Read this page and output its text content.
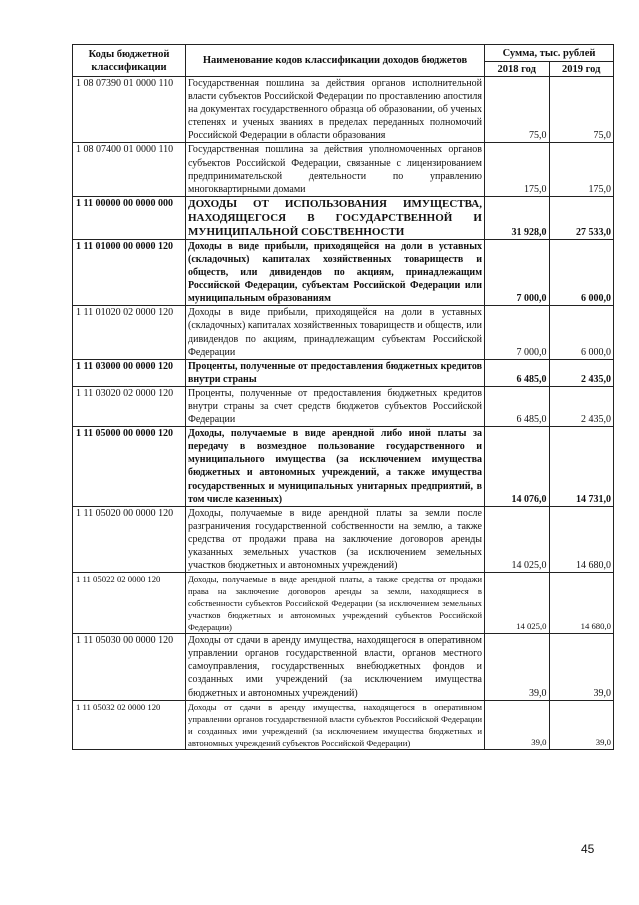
Коды бюджетной классификации	Наименование кодов классификации доходов бюджетов	Сумма, тыс. рублей	
		2018 год	2019 год
1 08 07390 01 0000 110	Государственная пошлина за действия органов исполнительной власти субъектов Российской Федерации по проставлению апостиля на документах государственного образца об образовании, об ученых степенях и ученых званиях в пределах переданных полномочий Российской Федерации в области образования	75,0	75,0
1 08 07400 01 0000 110	Государственная пошлина за действия уполномоченных органов субъектов Российской Федерации, связанные с лицензированием предпринимательской деятельности по управлению многоквартирными домами	175,0	175,0
1 11 00000 00 0000 000	ДОХОДЫ ОТ ИСПОЛЬЗОВАНИЯ ИМУЩЕСТВА, НАХОДЯЩЕГОСЯ В ГОСУДАРСТВЕННОЙ И МУНИЦИПАЛЬНОЙ СОБСТВЕННОСТИ	31 928,0	27 533,0
1 11 01000 00 0000 120	Доходы в виде прибыли, приходящейся на доли в уставных (складочных) капиталах хозяйственных товариществ и обществ, или дивидендов по акциям, принадлежащим Российской Федерации, субъектам Российской Федерации или муниципальным образованиям	7 000,0	6 000,0
1 11 01020 02 0000 120	Доходы в виде прибыли, приходящейся на доли в уставных (складочных) капиталах хозяйственных товариществ и обществ, или дивидендов по акциям, принадлежащим субъектам Российской Федерации	7 000,0	6 000,0
1 11 03000 00 0000 120	Проценты, полученные от предоставления бюджетных кредитов внутри страны	6 485,0	2 435,0
1 11 03020 02 0000 120	Проценты, полученные от предоставления бюджетных кредитов внутри страны за счет средств бюджетов субъектов Российской Федерации	6 485,0	2 435,0
1 11 05000 00 0000 120	Доходы, получаемые в виде арендной либо иной платы за передачу в возмездное пользование государственного и муниципального имущества (за исключением имущества бюджетных и автономных учреждений, а также имущества государственных и муниципальных унитарных предприятий, в том числе казенных)	14 076,0	14 731,0
1 11 05020 00 0000 120	Доходы, получаемые в виде арендной платы за земли после разграничения государственной собственности на землю, а также средства от продажи права на заключение договоров аренды указанных земельных участков (за исключением земельных участков бюджетных и автономных учреждений)	14 025,0	14 680,0
1 11 05022 02 0000 120	Доходы, получаемые в виде арендной платы, а также средства от продажи права на заключение договоров аренды за земли, находящиеся в собственности субъектов Российской Федерации (за исключением земельных участков бюджетных и автономных учреждений субъектов Российской Федерации)	14 025,0	14 680,0
1 11 05030 00 0000 120	Доходы от сдачи в аренду имущества, находящегося в оперативном управлении органов государственной власти, органов местного самоуправления, государственных внебюджетных фондов и созданных ими учреждений (за исключением имущества бюджетных и автономных учреждений)	39,0	39,0
1 11 05032 02 0000 120	Доходы от сдачи в аренду имущества, находящегося в оперативном управлении органов государственной власти субъектов Российской Федерации и созданных ими учреждений (за исключением имущества бюджетных и автономных учреждений субъектов Российской Федерации)	39,0	39,0
45
